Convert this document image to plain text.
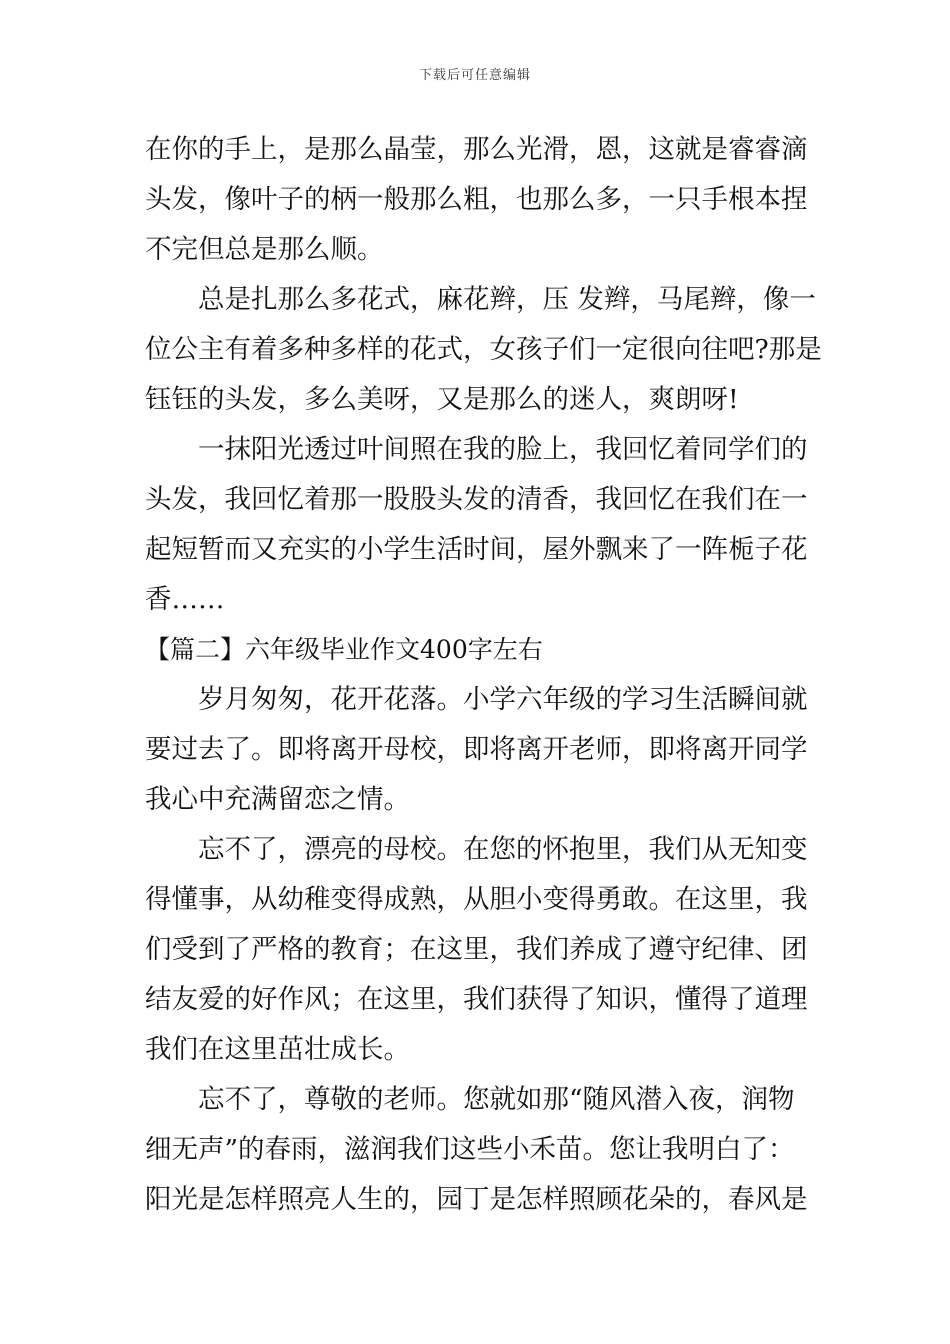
下载后可任意编辑
在你的手上，是那么晶莹，那么光滑，恩，这就是睿睿滴
头发，像叶子的柄一般那么粗，也那么多，一只手根本捏
不完但总是那么顺。
总是扎那么多花式，麻花辫，压 发辫，马尾辫，像一
位公主有着多种多样的花式，女孩子们一定很向往吧?那是
钰钰的头发，多么美呀，又是那么的迷人，爽朗呀!
一抹阳光透过叶间照在我的脸上，我回忆着同学们的
头发，我回忆着那一股股头发的清香，我回忆在我们在一
起短暂而又充实的小学生活时间，屋外飘来了一阵栀子花
香……
【篇二】六年级毕业作文400字左右
岁月匆匆，花开花落。小学六年级的学习生活瞬间就
要过去了。即将离开母校，即将离开老师，即将离开同学
我心中充满留恋之情。
忘不了，漂亮的母校。在您的怀抱里，我们从无知变
得懂事，从幼稚变得成熟，从胆小变得勇敢。在这里，我
们受到了严格的教育；在这里，我们养成了遵守纪律、团
结友爱的好作风；在这里，我们获得了知识，懂得了道理
我们在这里茁壮成长。
忘不了，尊敬的老师。您就如那“随风潜入夜，润物
细无声”的春雨，滋润我们这些小禾苗。您让我明白了：
阳光是怎样照亮人生的，园丁是怎样照顾花朵的，春风是
